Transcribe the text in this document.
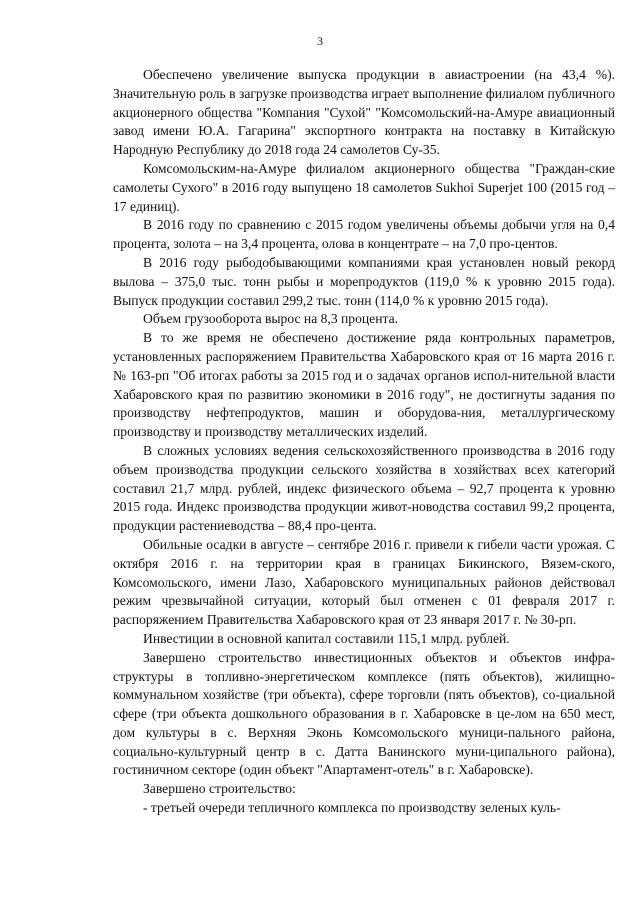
3

Обеспечено увеличение выпуска продукции в авиастроении (на 43,4 %). Значительную роль в загрузке производства играет выполнение филиалом публичного акционерного общества "Компания "Сухой" "Комсомольский-на-Амуре авиационный завод имени Ю.А. Гагарина" экспортного контракта на поставку в Китайскую Народную Республику до 2018 года 24 самолетов Су-35.

Комсомольским-на-Амуре филиалом акционерного общества "Граждан-ские самолеты Сухого" в 2016 году выпущено 18 самолетов Sukhoi Superjet 100 (2015 год – 17 единиц).

В 2016 году по сравнению с 2015 годом увеличены объемы добычи угля на 0,4 процента, золота – на 3,4 процента, олова в концентрате – на 7,0 про-центов.

В 2016 году рыбодобывающими компаниями края установлен новый рекорд вылова – 375,0 тыс. тонн рыбы и морепродуктов (119,0 % к уровню 2015 года). Выпуск продукции составил 299,2 тыс. тонн (114,0 % к уровню 2015 года).

Объем грузооборота вырос на 8,3 процента.

В то же время не обеспечено достижение ряда контрольных параметров, установленных распоряжением Правительства Хабаровского края от 16 марта 2016 г. № 163-рп "Об итогах работы за 2015 год и о задачах органов испол-нительной власти Хабаровского края по развитию экономики в 2016 году", не достигнуты задания по производству нефтепродуктов, машин и оборудова-ния, металлургическому производству и производству металлических изделий.

В сложных условиях ведения сельскохозяйственного производства в 2016 году объем производства продукции сельского хозяйства в хозяйствах всех категорий составил 21,7 млрд. рублей, индекс физического объема – 92,7 процента к уровню 2015 года. Индекс производства продукции живот-новодства составил 99,2 процента, продукции растениеводства – 88,4 про-цента.

Обильные осадки в августе – сентябре 2016 г. привели к гибели части урожая. С октября 2016 г. на территории края в границах Бикинского, Вязем-ского, Комсомольского, имени Лазо, Хабаровского муниципальных районов действовал режим чрезвычайной ситуации, который был отменен с 01 февраля 2017 г. распоряжением Правительства Хабаровского края от 23 января 2017 г. № 30-рп.

Инвестиции в основной капитал составили 115,1 млрд. рублей.

Завершено строительство инвестиционных объектов и объектов инфра-структуры в топливно-энергетическом комплексе (пять объектов), жилищно-коммунальном хозяйстве (три объекта), сфере торговли (пять объектов), со-циальной сфере (три объекта дошкольного образования в г. Хабаровске в це-лом на 650 мест, дом культуры в с. Верхняя Эконь Комсомольского муници-пального района, социально-культурный центр в с. Датта Ванинского муни-ципального района), гостиничном секторе (один объект "Апартамент-отель" в г. Хабаровске).

Завершено строительство:

- третьей очереди тепличного комплекса по производству зеленых куль-
